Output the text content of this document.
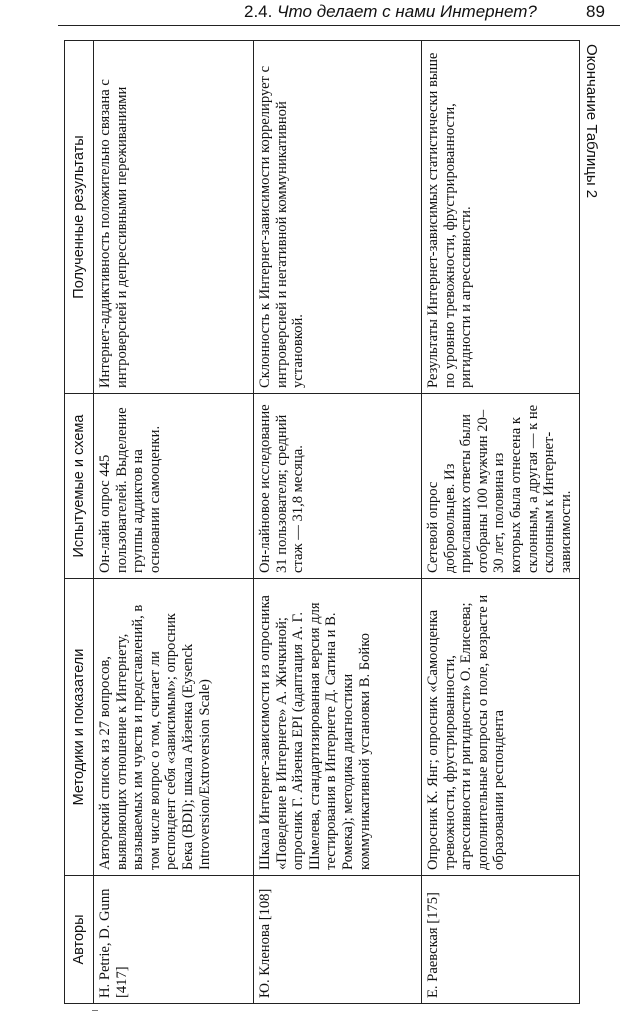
2.4. Что делает с нами Интернет?	89
Окончание Таблицы 2
Авторы	Методики и показатели	Испытуемые и схема	Полученные результаты
H. Petrie, D. Gunn [417]	Авторский список из 27 вопросов, выявляющих отношение к Интернету, вызываемых им чувств и представлений, в том числе вопрос о том, считает ли респондент себя «зависимым»; опросник Бека (BDI); шкала Айзенка (Eysenck Introversion/Extroversion Scale)	Он-лайн опрос 445 пользователей. Выделение группы аддиктов на основании самооценки.	Интернет-аддиктивность положительно связана с интроверсией и депрессивными переживаниями
Ю. Кленова [108]	Шкала Интернет-зависимости из опросника «Поведение в Интернете» А. Жичкиной; опросник Г. Айзенка EPI (адаптация А. Г. Шмелева, стандартизированная версия для тестирования в Интернете Д. Сатина и В. Ромека); методика диагностики коммуникативной установки В. Бойко	Он-лайновое исследование 31 пользователя; средний стаж — 31,8 месяца.	Склонность к Интернет-зависимости коррелирует с интроверсией и негативной коммуникативной установкой.
Е. Раевская [175]	Опросник К. Янг; опросник «Самооценка тревожности, фрустрированности, агрессивности и ригидности» О. Елисеева; дополнительные вопросы о поле, возрасте и образовании респондента	Сетевой опрос добровольцев. Из приславших ответы были отобраны 100 мужчин 20–30 лет, половина из которых была отнесена к склонным, а другая — к не склонным к Интернет-зависимости.	Результаты Интернет-зависимых статистически выше по уровню тревожности, фрустрированности, ригидности и агрессивности.
